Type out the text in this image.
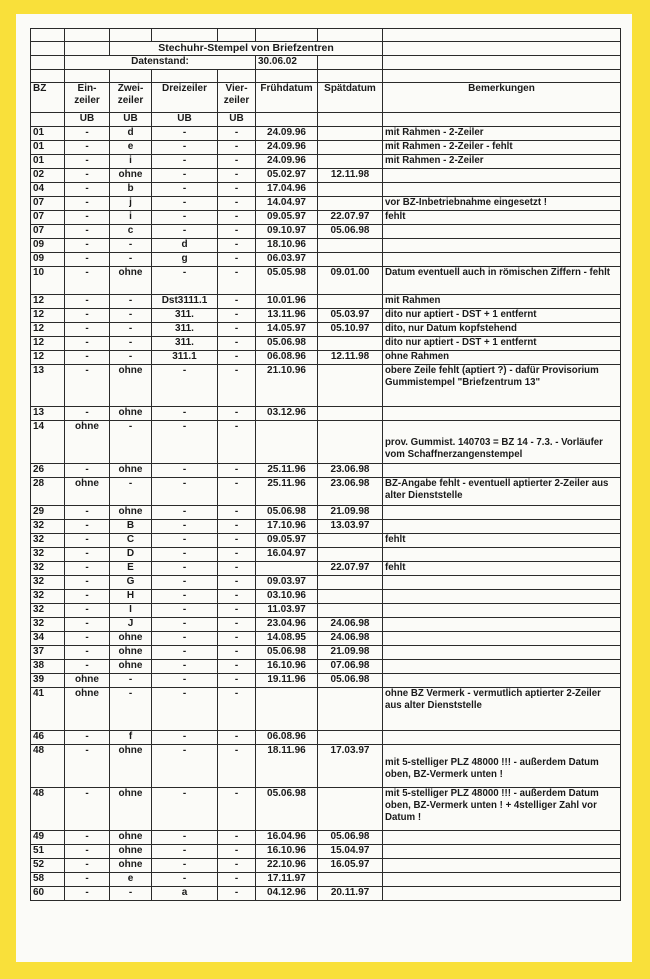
		Stechuhr-Stempel von Briefzentren					
	Datenstand:				30.06.02		

BZ	Ein-zeiler	Zwei-zeiler	Dreizeiler	Vier-zeiler	Frühdatum	Spätdatum	Bemerkungen
	UB	UB	UB	UB			
01	-	d	-	-	24.09.96		mit Rahmen - 2-Zeiler
01	-	e	-	-	24.09.96		mit Rahmen - 2-Zeiler - fehlt
01	-	i	-	-	24.09.96		mit Rahmen - 2-Zeiler
02	-	ohne	-	-	05.02.97	12.11.98	
04	-	b	-	-	17.04.96		
07	-	j	-	-	14.04.97		vor BZ-Inbetriebnahme eingesetzt !
07	-	i	-	-	09.05.97	22.07.97	fehlt
07	-	c	-	-	09.10.97	05.06.98	
09	-	-	d	-	18.10.96		
09	-	-	g	-	06.03.97		
10	-	ohne	-	-	05.05.98	09.01.00	Datum eventuell auch in römischen Ziffern - fehlt
12	-	-	Dst3111.1	-	10.01.96		mit Rahmen
12	-	-	311.	-	13.11.96	05.03.97	dito nur aptiert - DST + 1 entfernt
12	-	-	311.	-	14.05.97	05.10.97	dito, nur Datum kopfstehend
12	-	-	311.	-	05.06.98		dito nur aptiert - DST + 1 entfernt
12	-	-	311.1	-	06.08.96	12.11.98	ohne Rahmen
13	-	ohne	-	-	21.10.96		obere Zeile fehlt (aptiert ?) - dafür Provisorium Gummistempel "Briefzentrum 13"
13	-	ohne	-	-	03.12.96		
14	ohne	-	-	-			prov. Gummist. 140703 = BZ 14 - 7.3. - Vorläufer vom Schaffnerzangenstempel
26	-	ohne	-	-	25.11.96	23.06.98	
28	ohne	-	-	-	25.11.96	23.06.98	BZ-Angabe fehlt - eventuell aptierter 2-Zeiler aus alter Dienststelle
29	-	ohne	-	-	05.06.98	21.09.98	
32	-	B	-	-	17.10.96	13.03.97	
32	-	C	-	-	09.05.97		fehlt
32	-	D	-	-	16.04.97		
32	-	E	-	-		22.07.97	fehlt
32	-	G	-	-	09.03.97		
32	-	H	-	-	03.10.96		
32	-	I	-	-	11.03.97		
32	-	J	-	-	23.04.96	24.06.98	
34	-	ohne	-	-	14.08.95	24.06.98	
37	-	ohne	-	-	05.06.98	21.09.98	
38	-	ohne	-	-	16.10.96	07.06.98	
39	ohne	-	-	-	19.11.96	05.06.98	
41	ohne	-	-	-			ohne BZ Vermerk - vermutlich aptierter 2-Zeiler aus alter Dienststelle
46	-	f	-	-	06.08.96		
48	-	ohne	-	-	18.11.96	17.03.97	mit 5-stelliger PLZ 48000 !!! - außerdem Datum oben, BZ-Vermerk unten !
48	-	ohne	-	-	05.06.98		mit 5-stelliger PLZ 48000 !!! - außerdem Datum oben, BZ-Vermerk unten ! + 4stelliger Zahl vor Datum !
49	-	ohne	-	-	16.04.96	05.06.98	
51	-	ohne	-	-	16.10.96	15.04.97	
52	-	ohne	-	-	22.10.96	16.05.97	
58	-	e	-	-	17.11.97		
60	-	-	a	-	04.12.96	20.11.97	
